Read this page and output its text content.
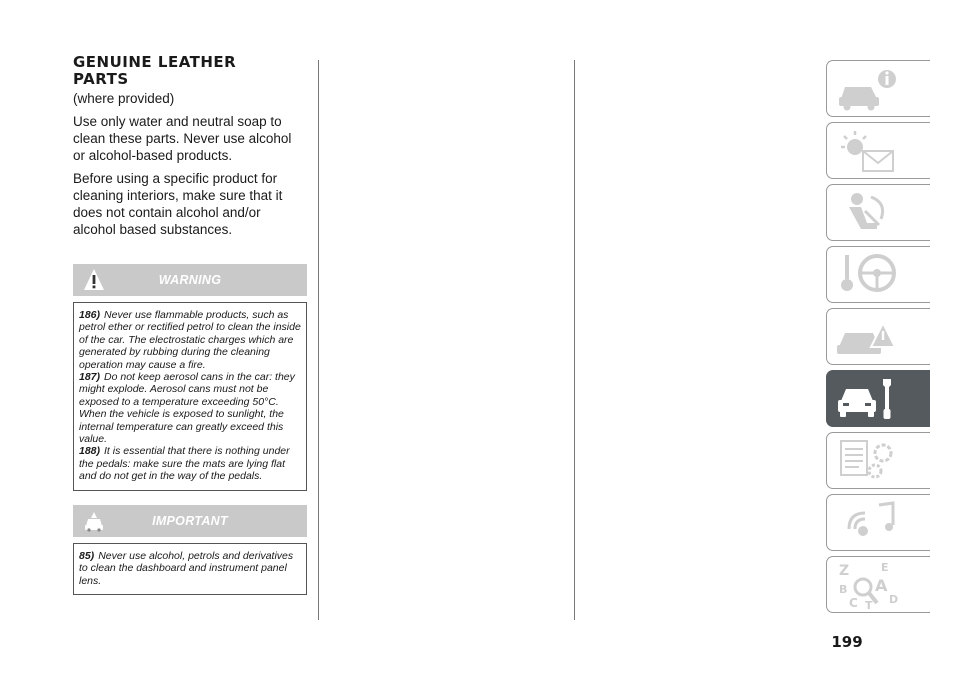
GENUINE LEATHER PARTS

(where provided)

Use only water and neutral soap to clean these parts. Never use alcohol or alcohol-based products.

Before using a specific product for cleaning interiors, make sure that it does not contain alcohol and/or alcohol based substances.

WARNING

186) Never use flammable products, such as petrol ether or rectified petrol to clean the inside of the car. The electrostatic charges which are generated by rubbing during the cleaning operation may cause a fire.

187) Do not keep aerosol cans in the car: they might explode. Aerosol cans must not be exposed to a temperature exceeding 50°C. When the vehicle is exposed to sunlight, the internal temperature can greatly exceed this value.

188) It is essential that there is nothing under the pedals: make sure the mats are lying flat and do not get in the way of the pedals.

IMPORTANT

85) Never use alcohol, petrols and derivatives to clean the dashboard and instrument panel lens.

Z	E
B A
C T D
199
